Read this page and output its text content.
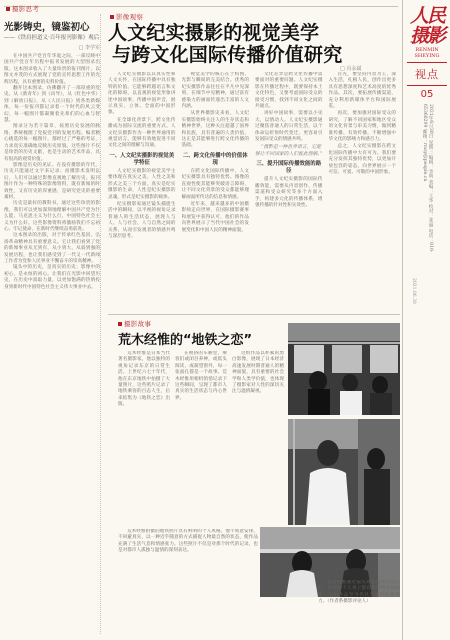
摄影思考
光影铸史，镜鉴初心
——《铁肩担道义·百年报刊影像》观后
□ 李学军

在中国共产党百年华诞之际，一部反映中国共产党百年历程中报刊发展的大型图录出版。这本图录收入了大量珍贵的报刊图片，以图文并茂的方式展现了党的宣传思想工作的光辉历程，具有重要的史料价值。

翻开这本图录，仿佛翻开了一部厚重的党史。从《新青年》到《向导》，从《红色中华》到《解放日报》，从《人民日报》到各类新媒体，每一份报刊都记录着一个时代的风云变幻，每一幅图片都凝聚着先辈们的心血与智慧。

图录分为若干篇章，按照历史发展的脉络，系统梳理了党报党刊的发展历程。编者精心挑选的每一幅图片，都经过了严格的考证，力求真实准确地反映历史原貌。这些图片不仅是珍贵的历史文献，也是生动的艺术作品，具有很高的观赏价值。

影像是历史的见证。在没有摄影的年代，历史只能通过文字来记录；而摄影术发明以后，人们可以通过影像直观地了解历史。报刊图片作为一种特殊的影像资料，既有新闻的时效性，又有历史的厚重感，是研究党史的重要素材。

历史是最好的教科书。通过这些珍贵的影像，我们可以更加深刻地理解中国共产党为什么能、马克思主义为什么行、中国特色社会主义为什么好。这些影像资料将激励我们不忘初心、牢记使命，在新时代继续奋勇前进。

这本图录的出版，对于传承红色基因、弘扬革命精神具有重要意义。它让我们看到了党的新闻事业从无到有、从小到大、从弱到强的发展历程，也让我们感受到了一代又一代新闻工作者为党和人民事业不懈奋斗的崇高精神。

镜头中的历史，是真实的历史；影像中的初心，是永恒的初心。让我们在光影中回望历史，在历史中汲取力量，以更加饱满的热情投身到新时代中国特色社会主义伟大事业中去。

影像观察
人文纪实摄影的视觉美学
与跨文化国际传播价值研究
□ 冯永斌

人文纪实摄影以其真实性和人文关怀，在国际传播中具有独特的价值。它能够跨越语言和文化的障碍，以直观的视觉形象讲述中国故事，传播中国声音，展示真实、立体、全面的中国形象。

在全球化背景下，跨文化传播成为国际交流的重要方式。人文纪实摄影作为一种世界通用的视觉语言，能够有效地促进不同文化之间的理解与沟通。

一、人文纪实摄影的视觉美学特征

人文纪实摄影的视觉美学主要体现在真实之美、人性之美和形式之美三个方面。真实是纪实摄影的生命，人性是纪实摄影的灵魂，形式是纪实摄影的载体。

纪实摄影家通过镜头捕捉生活中的瞬间，以平视的视角记录普通人的生活状态，展现人与人、人与社会、人与自然之间的关系，从而引发观者的情感共鸣与深层思考。

视觉美学的核心在于构图、光影与瞬间的完美结合。优秀的纪实摄影作品往往在平凡中见深刻，在细节中见精神，通过富有感染力的画面传递出丰富的人文内涵。

从世界摄影史来看，人文纪实摄影始终关注人的生存状态和精神世界，这种关注超越了国界和民族，具有普遍的人类价值，这正是其能够进行跨文化传播的基础。

二、跨文化传播中的价值体现

在跨文化国际传播中，人文纪实摄影具有独特优势。图像的直观性使其能够突破语言障碍，让不同文化背景的受众都能够理解画面所传达的信息和情感。

近年来，越来越多的中国摄影师走向世界，在国际摄影赛事和展览中获得认可，他们的作品向世界展示了当代中国社会的发展变化和中国人民的精神面貌。

文化差异是跨文化传播中需要面对的重要问题。人文纪实摄影在传播过程中，既要保持本土文化特色，又要考虑国际受众的接受习惯，找到不同文化之间的共通点。

讲好中国故事，需要以小见大，以情动人。人文纪实摄影通过聚焦普通人的日常生活，以个体命运折射时代变迁，更容易引发国际受众的情感共鸣。

“摄影是一种世界语言，它能够让不同国家的人们彼此理解。”
三、提升国际传播效能的路径

提升人文纪实摄影的国际传播效能，需要从内容创作、传播渠道和受众研究等多个方面入手，构建多元化的传播体系，增强传播的针对性和实效性。

首先，要坚持内容为王，深入生活，扎根人民，创作出更多具有思想深度和艺术高度的优秀作品。其次，要拓展传播渠道，充分利用新媒体平台和国际展览。

再次，要加强对国际受众的研究，了解不同国家和地区受众的文化背景与审美习惯，做到精准传播、有效传播，不断增强中华文化的影响力和感召力。

总之，人文纪实摄影在跨文化国际传播中大有可为。我们要充分发挥其独特优势，以更加开放包容的姿态，向世界展示一个可信、可爱、可敬的中国形象。

摄影故事
荒木经惟的“地铁之恋”

荒木经惟是日本当代著名摄影家，他以独特的视角记录东京的日常生活。上世纪六七十年代，他在东京地铁中拍摄了大量照片，这些照片记录了地铁乘客的百态人生，后来结集为《地铁之恋》出版。

在拥挤的车厢里，乘客们或闭目养神，或低头阅读，或凝望窗外，每一张面孔都是一个故事。荒木经惟用相机悄悄记录下这些瞬间，呈现了都市人真实的生活状态与内心世界。

这组作品以朴素的黑白影像，展现了日本经济高速发展时期普通人的精神面貌，具有重要的社会学和人类学价值，也体现了摄影家对人性的深切关注与温情凝视。

荒木经惟拍摄的地铁照片具有鲜明的个人风格。他不刻意安排，不回避真实，以一种近乎随意的方式捕捉人物最自然的状态，使作品充满了生活气息和情感张力。这些照片不仅是对那个时代的记录，也是对都市人孤独与温情的深刻表达。

荒木经惟通过镜头观察地铁中的人们，发现每个人身上都有值得讲述的故事。这组作品至今仍具有强烈的感染力。（作者系摄影评论人）

人民摄影
RENMIN SHEYING
视点
05
2021年6月30日 星期三 编辑：李明 美编：王华 校对：张丽 电话：010-65368299 邮箱：rmsy@people.cn
2021.06.30
